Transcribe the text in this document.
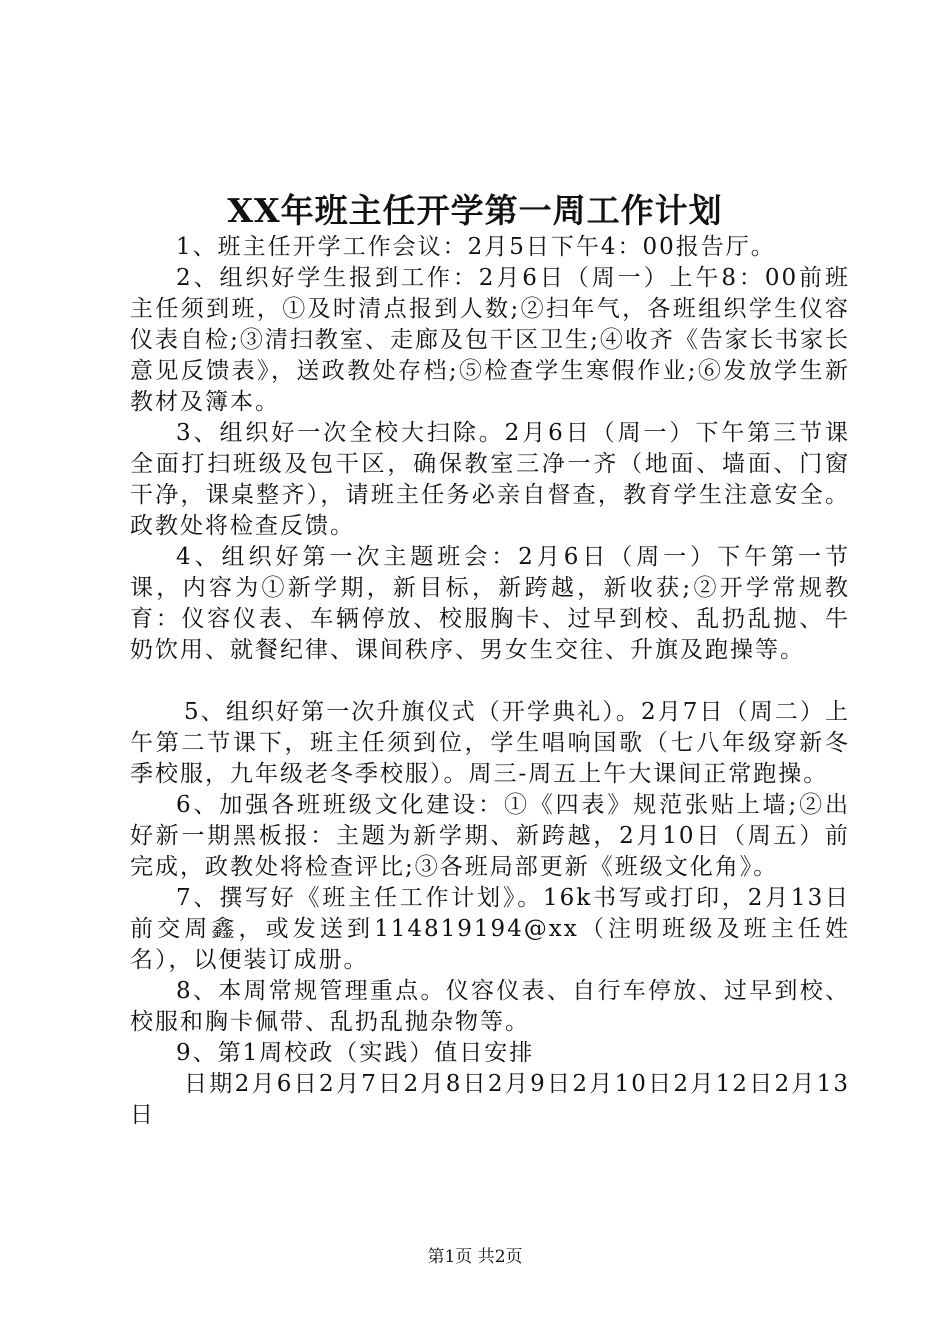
XX年班主任开学第一周工作计划

1、班主任开学工作会议：2月5日下午4：00报告厅。

2、组织好学生报到工作：2月6日（周一）上午8：00前班主任须到班，①及时清点报到人数;②扫年气，各班组织学生仪容仪表自检;③清扫教室、走廊及包干区卫生;④收齐《告家长书家长意见反馈表》，送政教处存档;⑤检查学生寒假作业;⑥发放学生新教材及簿本。

3、组织好一次全校大扫除。2月6日（周一）下午第三节课全面打扫班级及包干区，确保教室三净一齐（地面、墙面、门窗干净，课桌整齐），请班主任务必亲自督查，教育学生注意安全。政教处将检查反馈。

4、组织好第一次主题班会：2月6日（周一）下午第一节课，内容为①新学期，新目标，新跨越，新收获;②开学常规教育：仪容仪表、车辆停放、校服胸卡、过早到校、乱扔乱抛、牛奶饮用、就餐纪律、课间秩序、男女生交往、升旗及跑操等。

5、组织好第一次升旗仪式（开学典礼）。2月7日（周二）上午第二节课下，班主任须到位，学生唱响国歌（七八年级穿新冬季校服，九年级老冬季校服）。周三-周五上午大课间正常跑操。

6、加强各班班级文化建设：①《四表》规范张贴上墙;②出好新一期黑板报：主题为新学期、新跨越，2月10日（周五）前完成，政教处将检查评比;③各班局部更新《班级文化角》。

7、撰写好《班主任工作计划》。16k书写或打印，2月13日前交周鑫，或发送到114819194@xx（注明班级及班主任姓名），以便装订成册。

8、本周常规管理重点。仪容仪表、自行车停放、过早到校、校服和胸卡佩带、乱扔乱抛杂物等。

9、第1周校政（实践）值日安排

日期2月6日2月7日2月8日2月9日2月10日2月12日2月13日

第1页 共2页
